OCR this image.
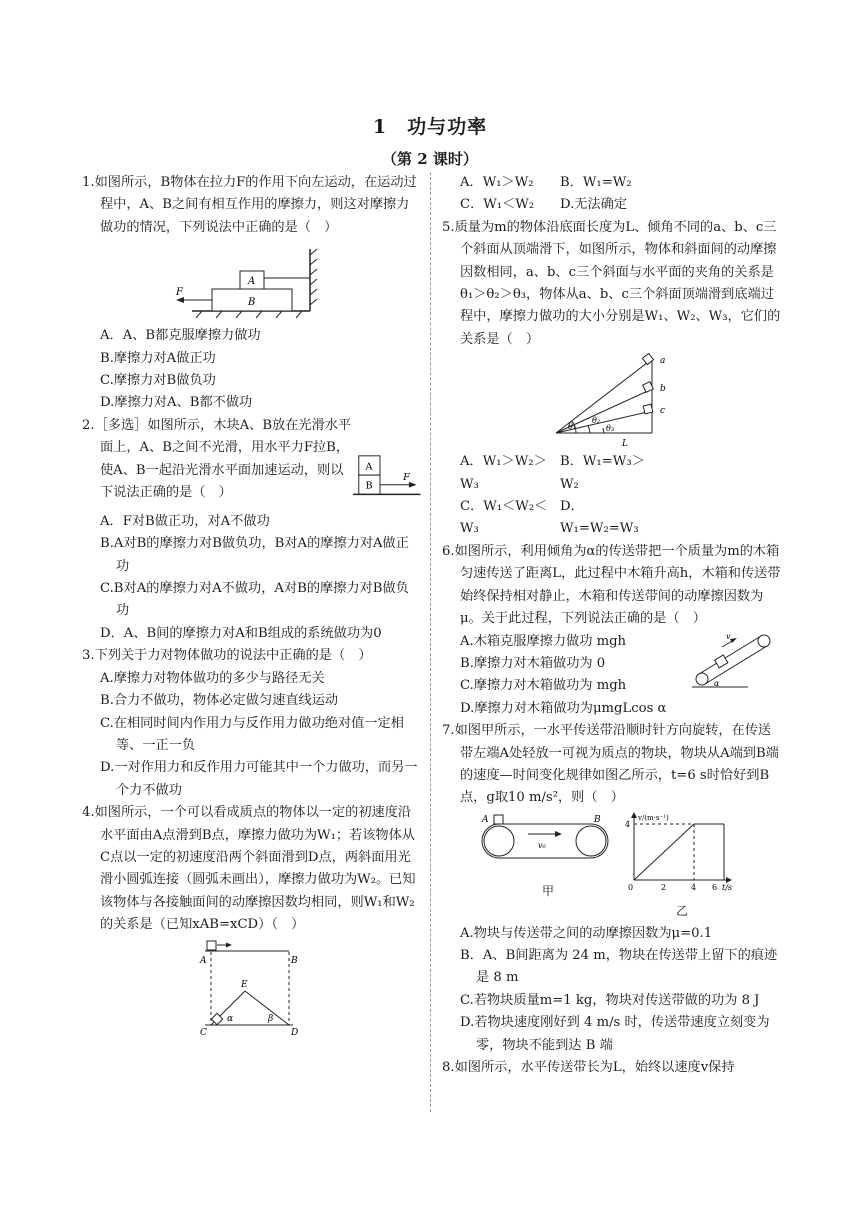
1　功与功率
（第 2 课时）

1.如图所示，B物体在拉力F的作用下向左运动，在运动过程中，A、B之间有相互作用的摩擦力，则这对摩擦力做功的情况，下列说法中正确的是（　）

F
A
B

A．A、B都克服摩擦力做功

B.摩擦力对A做正功

C.摩擦力对B做负功

D.摩擦力对A、B都不做功

2.［多选］如图所示，木块A、B放在光滑水平面上，A、B之间不光滑，用水平力F拉B，使A、B一起沿光滑水平面加速运动，则以下说法正确的是（　）

A
B
F

A．F对B做正功，对A不做功

B.A对B的摩擦力对B做负功，B对A的摩擦力对A做正功

C.B对A的摩擦力对A不做功，A对B的摩擦力对B做负功

D．A、B间的摩擦力对A和B组成的系统做功为0

3.下列关于力对物体做功的说法中正确的是（　）

A.摩擦力对物体做功的多少与路径无关

B.合力不做功，物体必定做匀速直线运动

C.在相同时间内作用力与反作用力做功绝对值一定相等、一正一负

D.一对作用力和反作用力可能其中一个力做功，而另一个力不做功

4.如图所示，一个可以看成质点的物体以一定的初速度沿水平面由A点滑到B点，摩擦力做功为W₁；若该物体从C点以一定的初速度沿两个斜面滑到D点，两斜面用光滑小圆弧连接（圆弧未画出），摩擦力做功为W₂。已知该物体与各接触面间的动摩擦因数均相同，则W₁和W₂的关系是（已知xAB=xCD）（　）

A	B
C	D
E
α	β
A．W₁＞W₂	B．W₁=W₂
C．W₁＜W₂	D.无法确定

5.质量为m的物体沿底面长度为L、倾角不同的a、b、c三个斜面从顶端滑下，如图所示，物体和斜面间的动摩擦因数相同，a、b、c三个斜面与水平面的夹角的关系是θ₁＞θ₂＞θ₃，物体从a、b、c三个斜面顶端滑到底端过程中，摩擦力做功的大小分别是W₁、W₂、W₃，它们的关系是（　）

θ₁
θ₂
θ₃
a
b
c
L
A．W₁＞W₂＞W₃
B．W₁=W₃＞W₂
C．W₁＜W₂＜W₃
D．W₁=W₂=W₃

6.如图所示，利用倾角为α的传送带把一个质量为m的木箱匀速传送了距离L，此过程中木箱升高h，木箱和传送带始终保持相对静止，木箱和传送带间的动摩擦因数为μ。关于此过程，下列说法正确的是（　）

A.木箱克服摩擦力做功 mgh

B.摩擦力对木箱做功为 0

C.摩擦力对木箱做功为 mgh

D.摩擦力对木箱做功为μmgLcos α

v
α

7.如图甲所示，一水平传送带沿顺时针方向旋转，在传送带左端A处轻放一可视为质点的物块，物块从A端到B端的速度—时间变化规律如图乙所示，t=6 s时恰好到B点，g取10 m/s²，则（　）

A	B
v₀
甲
v/(m·s⁻¹)
t/s
4
0	2	4 6
乙

A.物块与传送带之间的动摩擦因数为μ=0.1

B．A、B间距离为 24 m，物块在传送带上留下的痕迹是 8 m

C.若物块质量m=1 kg，物块对传送带做的功为 8 J

D.若物块速度刚好到 4 m/s 时，传送带速度立刻变为零，物块不能到达 B 端

8.如图所示，水平传送带长为L，始终以速度v保持
